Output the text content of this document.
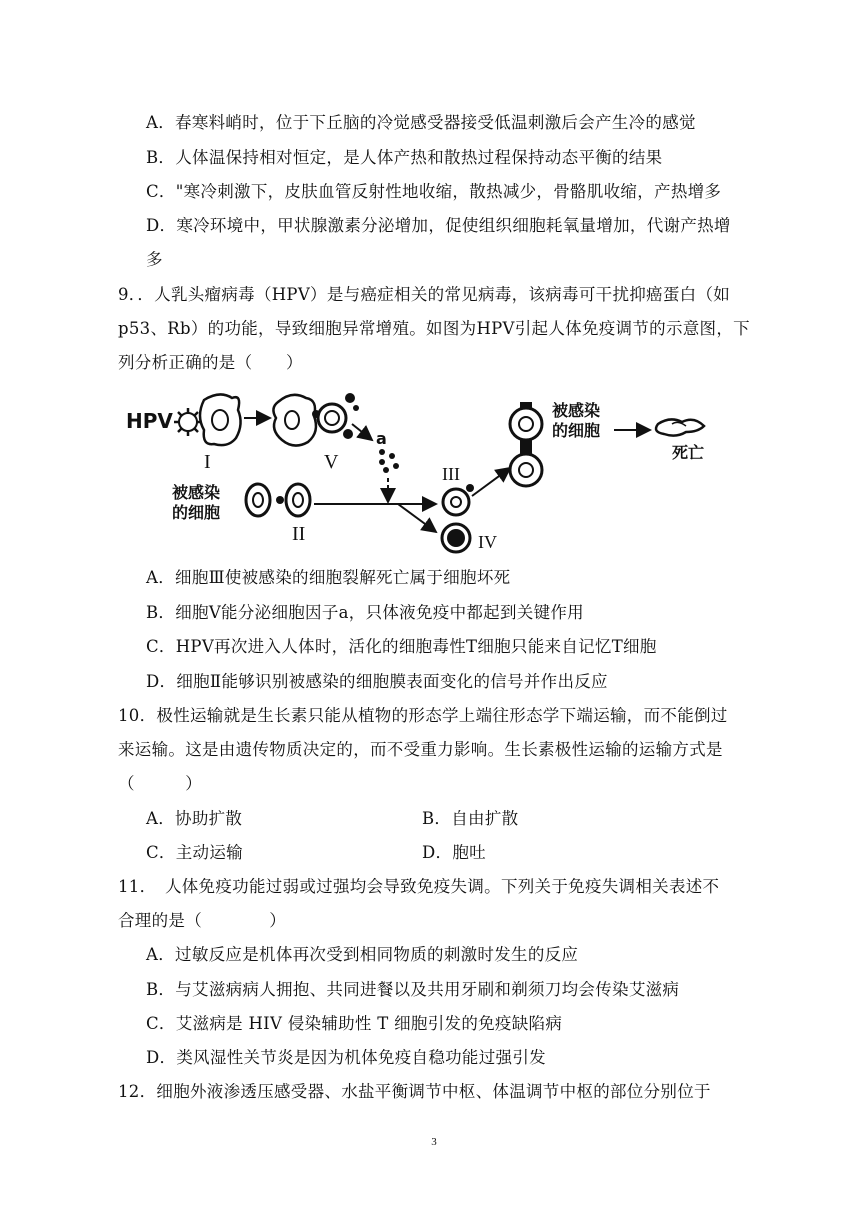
A．春寒料峭时，位于下丘脑的冷觉感受器接受低温刺激后会产生冷的感觉
B．人体温保持相对恒定，是人体产热和散热过程保持动态平衡的结果
C．"寒冷刺激下，皮肤血管反射性地收缩，散热减少，骨骼肌收缩，产热增多
D．寒冷环境中，甲状腺激素分泌增加，促使组织细胞耗氧量增加，代谢产热增
多
9．．人乳头瘤病毒（HPV）是与癌症相关的常见病毒，该病毒可干扰抑癌蛋白（如
p53、Rb）的功能，导致细胞异常增殖。如图为HPV引起人体免疫调节的示意图，下
列分析正确的是（　　）
HPV
I	V
a
被感染
的细胞
II
III
IV
被感染
的细胞
死亡
A．细胞Ⅲ使被感染的细胞裂解死亡属于细胞坏死
B．细胞Ⅴ能分泌细胞因子a，只体液免疫中都起到关键作用
C．HPV再次进入人体时，活化的细胞毒性T细胞只能来自记忆T细胞
D．细胞Ⅱ能够识别被感染的细胞膜表面变化的信号并作出反应
10．极性运输就是生长素只能从植物的形态学上端往形态学下端运输，而不能倒过
来运输。这是由遗传物质决定的，而不受重力影响。生长素极性运输的运输方式是
（　　　）
A．协助扩散	B．自由扩散
C．主动运输	D．胞吐
11．　人体免疫功能过弱或过强均会导致免疫失调。下列关于免疫失调相关表述不
合理的是（　　　　）
A．过敏反应是机体再次受到相同物质的刺激时发生的反应
B．与艾滋病病人拥抱、共同进餐以及共用牙刷和剃须刀均会传染艾滋病
C．艾滋病是 HIV 侵染辅助性 T 细胞引发的免疫缺陷病
D．类风湿性关节炎是因为机体免疫自稳功能过强引发
12．细胞外液渗透压感受器、水盐平衡调节中枢、体温调节中枢的部位分别位于
3
